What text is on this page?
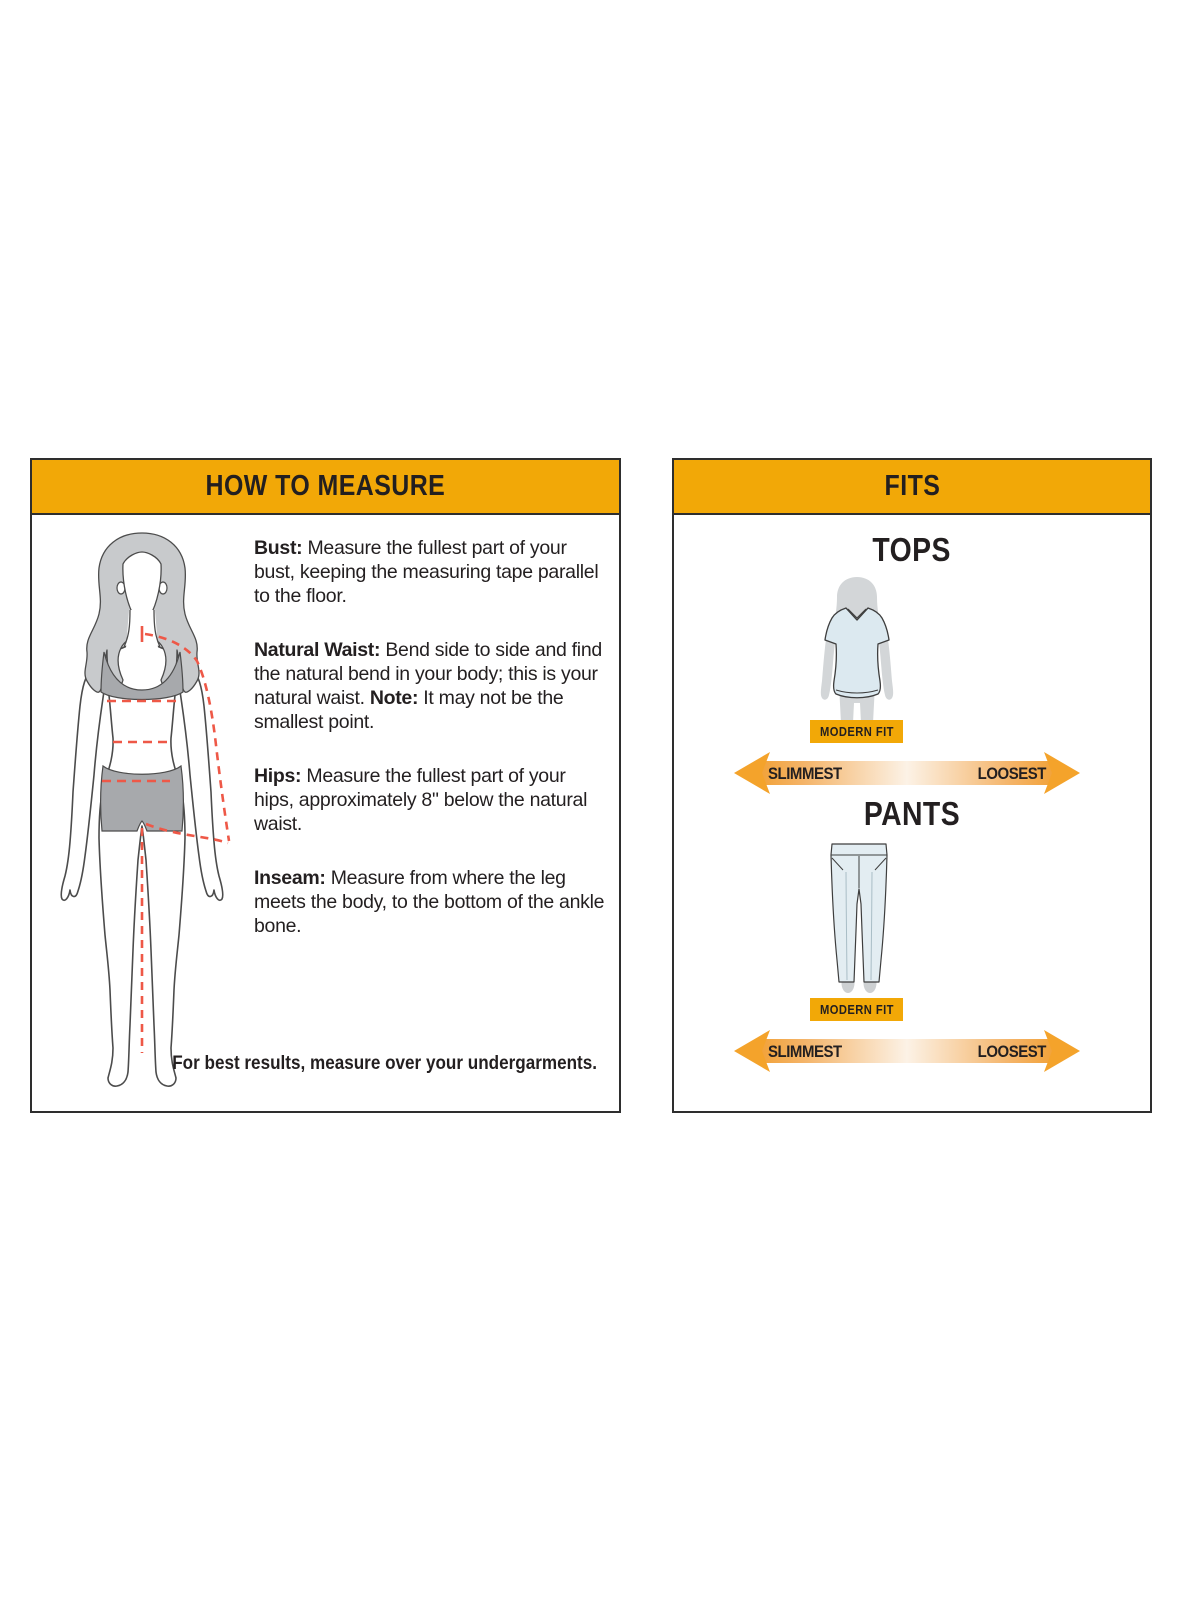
HOW TO MEASURE

Bust: Measure the fullest part of your bust, keeping the measuring tape parallel to the floor.

Natural Waist: Bend side to side and find the natural bend in your body; this is your natural waist. Note: It may not be the smallest point.

Hips: Measure the fullest part of your hips, approximately 8" below the natural waist.

Inseam: Measure from where the leg meets the body, to the bottom of the ankle bone.

For best results, measure over your undergarments.

FITS
TOPS
MODERN FIT
SLIMMEST	LOOSEST
PANTS
MODERN FIT
SLIMMEST	LOOSEST
